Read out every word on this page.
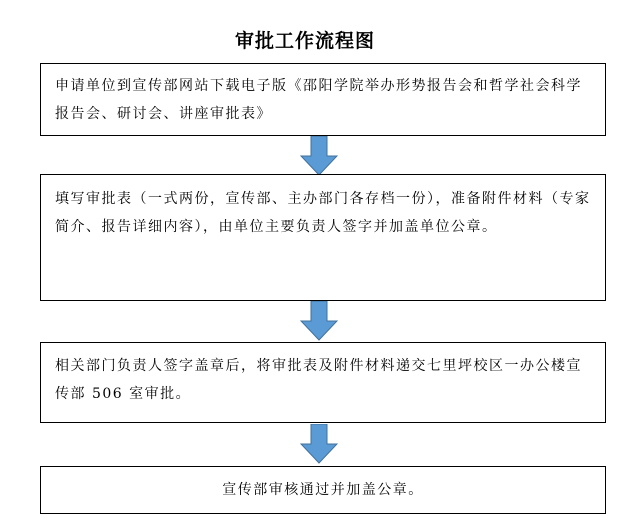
审批工作流程图
申请单位到宣传部网站下载电子版《邵阳学院举办形势报告会和哲学社会科学报告会、研讨会、讲座审批表》
填写审批表（一式两份，宣传部、主办部门各存档一份），准备附件材料（专家简介、报告详细内容），由单位主要负责人签字并加盖单位公章。
相关部门负责人签字盖章后，将审批表及附件材料递交七里坪校区一办公楼宣传部 506 室审批。
宣传部审核通过并加盖公章。
